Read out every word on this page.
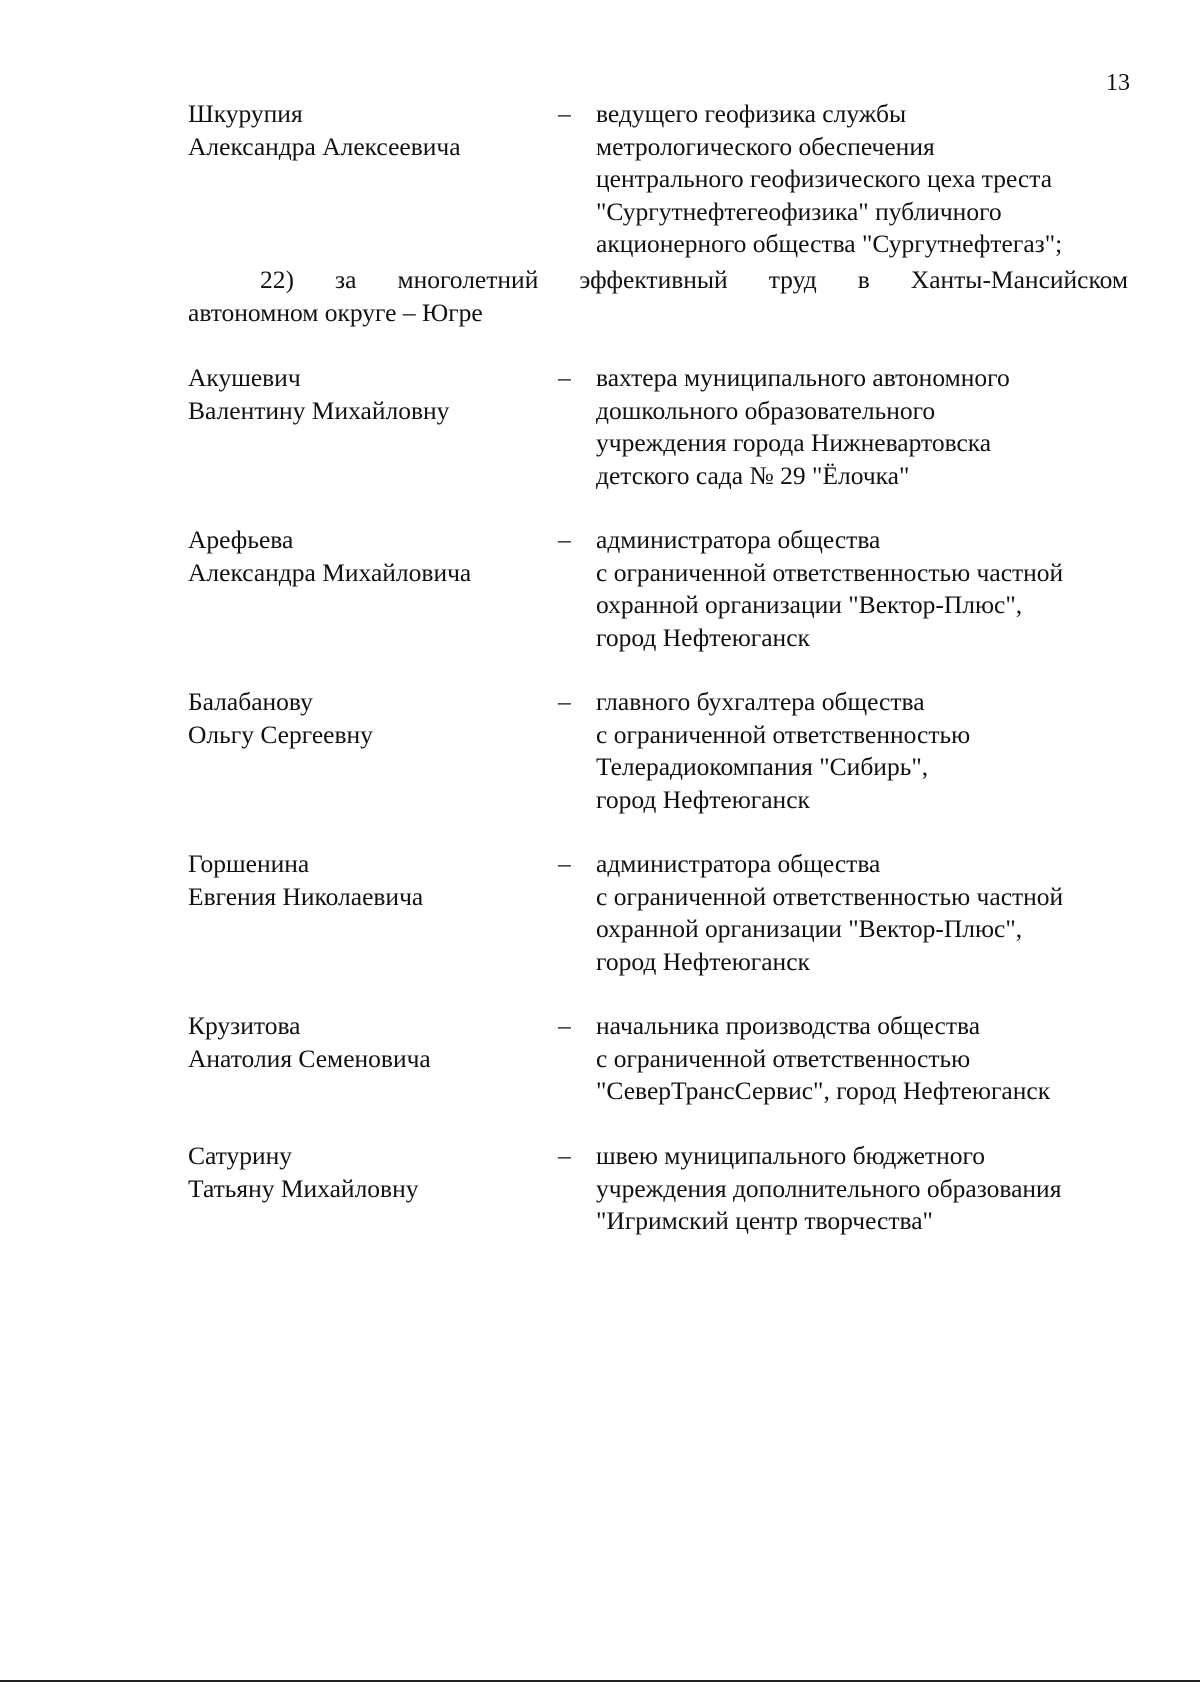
13
Шкурупия
Александра Алексеевича
– ведущего геофизика службы
метрологического обеспечения
центрального геофизического цеха треста
"Сургутнефтегеофизика" публичного
акционерного общества "Сургутнефтегаз";
22) за многолетний эффективный труд в Ханты-Мансийском
автономном округе – Югре
Акушевич
Валентину Михайловну
– вахтера муниципального автономного
дошкольного образовательного
учреждения города Нижневартовска
детского сада № 29 "Ёлочка"
Арефьева
Александра Михайловича
– администратора общества
с ограниченной ответственностью частной
охранной организации "Вектор-Плюс",
город Нефтеюганск
Балабанову
Ольгу Сергеевну
– главного бухгалтера общества
с ограниченной ответственностью
Телерадиокомпания "Сибирь",
город Нефтеюганск
Горшенина
Евгения Николаевича
– администратора общества
с ограниченной ответственностью частной
охранной организации "Вектор-Плюс",
город Нефтеюганск
Крузитова
Анатолия Семеновича
– начальника производства общества
с ограниченной ответственностью
"СеверТрансСервис", город Нефтеюганск
Сатурину
Татьяну Михайловну
– швею муниципального бюджетного
учреждения дополнительного образования
"Игримский центр творчества"
